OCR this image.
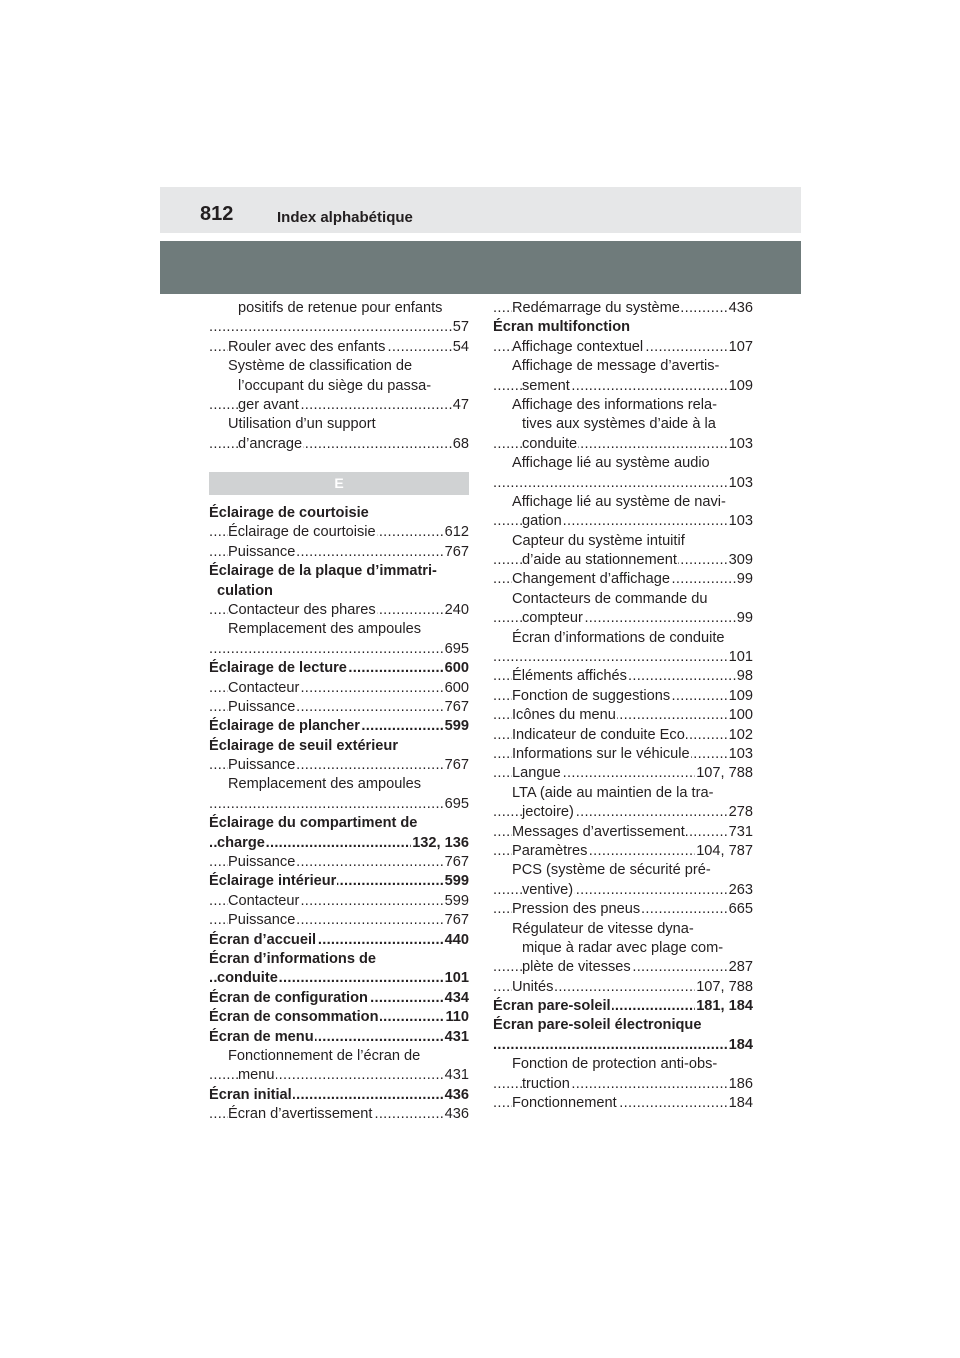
812	Index alphabétique
positifs de retenue pour enfants
57
.....
Rouler avec des enfants	54
.....
Système de classification de
l’occupant du siège du passa-
ger avant	47
.....
Utilisation d’un support
d’ancrage	68
.....
E
Éclairage de courtoisie
Éclairage de courtoisie	612
.....
Puissance	767
.....
Éclairage de la plaque d’immatri-
culation
Contacteur des phares	240
.....
Remplacement des ampoules
695
.....
Éclairage de lecture	600
.....
Contacteur	600
.....
Puissance	767
.....
Éclairage de plancher	599
.....
Éclairage de seuil extérieur
Puissance	767
.....
Remplacement des ampoules
695
.....
Éclairage du compartiment de
charge	132, 136
.....
Puissance	767
.....
Éclairage intérieur	599
.....
Contacteur	599
.....
Puissance	767
.....
Écran d’accueil	440
.....
Écran d’informations de
conduite	101
.....
Écran de configuration	434
.....
Écran de consommation	110
.....
Écran de menu	431
.....
Fonctionnement de l’écran de
menu	431
.....
Écran initial	436
.....
Écran d’avertissement	436
.....
Redémarrage du système	436
.....
Écran multifonction
Affichage contextuel	107
.....
Affichage de message d’avertis-
sement	109
.....
Affichage des informations rela-
tives aux systèmes d’aide à la
conduite	103
.....
Affichage lié au système audio
103
.....
Affichage lié au système de navi-
gation	103
.....
Capteur du système intuitif
d’aide au stationnement	309
.....
Changement d’affichage	99
.....
Contacteurs de commande du
compteur	99
.....
Écran d’informations de conduite
101
.....
Éléments affichés	98
.....
Fonction de suggestions	109
.....
Icônes du menu	100
.....
Indicateur de conduite Eco	102
.....
Informations sur le véhicule	103
.....
Langue	107, 788
.....
LTA (aide au maintien de la tra-
jectoire)	278
.....
Messages d’avertissement	731
.....
Paramètres	104, 787
.....
PCS (système de sécurité pré-
ventive)	263
.....
Pression des pneus	665
.....
Régulateur de vitesse dyna-
mique à radar avec plage com-
plète de vitesses	287
.....
Unités	107, 788
.....
Écran pare-soleil	181, 184
.....
Écran pare-soleil électronique
184
.....
Fonction de protection anti-obs-
truction	186
.....
Fonctionnement	184
.....
